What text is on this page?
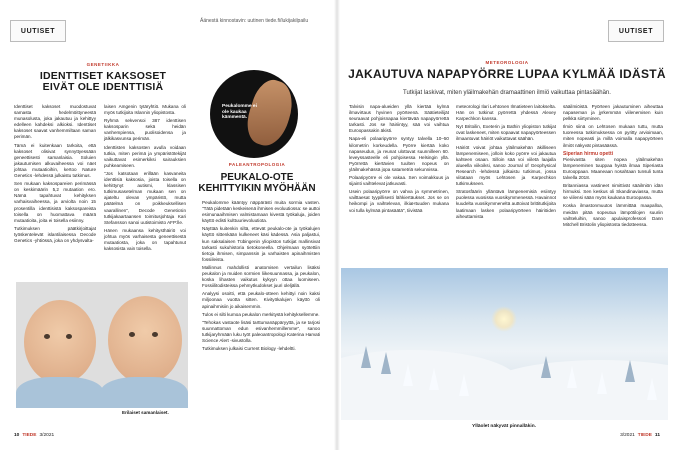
UUTISET
Äänestä kinnostavin: uutinen tiede.fi/lukijakilpailu
GENETIIKKA
IDENTTISET KAKSOSET
EIVÄT OLE IDENTTISIÄ

Identtiset kaksoset muodostuvat samasta hedelmöittyneestä munasolusta, joka jakautuu ja kehittyy edelleen kahdeksi alkioksi. Identtiset kaksoset saavat vanhemmiltaan saman perimän.

Tämä ei kuitenkaan tarkoita, että kaksoset olisivat synnyttyessään geneettisesti samanlaisia. Soluien jakautumisen alkuvaiheessa voi näet johtaa mutaatioihin, kertoo Nature Genetics -lehdessä julkaistu tutkimus.

Sen mukaan kaksospareien perimässä on keskimäärin 5,2 mutaation ero. Nämä tapahtuvat kehityksen varhaisvaiheessa, ja arviolta noin 15 prosentilla identtisistä kaksospareista toisella on huomattava määrä mutaatioita, joita ei toisella esiinny.

Tutkimuksen päätkirjoittajat työskentelevät islantilaisessa Decode Genetics -yhtiössä, joka on yhdysvalta-

laisen Amgenin tytäryhtiö. Mukana oli myös tutkijoita Islannin yliopistosta.

Ryhmä sekvensoi 387 identtisen kaksosparin sekä heidän vanhempiensa, puolisoidensa ja jälkikasvunsa perimän.

Identtisten kaksosten avulla voidaan tutkia, miten perimä ja ympäristötekijät vaikuttavat esimerkiksi sairauksien puhkeamiseen.

"Jos katsotaan erillään kasvaneita identtisiä kaksosia, joista toisella on kehittynyt autismi, klassisen tutkimusasetelman mukaan sen on ajateltu olevan ympäristö, mutta päätelmä on poikkeuksellisen vaarallinen", Decode Geneticsin tutkijakaartaansen toimitusjohtaja Kari Stefansson sanoi uutistoimisto AFP:lle.

Hänen mukaansa kehitysthäiriö voi johtua myös varhaisesta geneettisestä mutaatiosta, joka on tapahtunut kaksosista vain toisella.

Erilaiset samanlaiset.
Peukalomme ei ole kaukaa kämmentä.
PALEANTROPOLOGIA
PEUKALO-OTE
KEHITTYIKIN MYÖHÄÄN

Peukalomme kääntyy näppärästi muita sormia vasten. "Tätä pidetään keskeisenä ihmisen evoluutiossa: se auttoi esimunaaihmisen valmistamaan kivestä työkaluja, joiden käyttö edisti kulttuurievoluutiota.

Näyttää kuitenkin siltä, ettevät peukalo-ote ja työkalujen käyttö sittenkään kulkeneet käsi kädessä. Asia paljastui, kun saksalaisen Tübingenin yliopiston tutkijat mallinsivat tarkasti sukuhistoria tietokoneella. Ohjelmaan syötettiin tietoja ihmisen, simpanssin ja varhaisten apinaihmisten fossiileista.

Mallinnus mahdollisti anatomisen vertailun lisäksi peukalon ja muiden sormien liikesuunnassa, ja peukalon, koska lihasten vaikutus kykyyn ottaa luomiseen. Fossiilitodisteissa pehmytkudokset juuri oleljällä.

Analyysi osoitti, että peukalo-otteen kehittyi noin kaksi miljoonaa vuotta sitten. Kivityökalujen käyttö oli apinaihmisiin jo aikaisemmin.

Tulos ei silti kumoa peukalon merkitystä kehityksellemme.

"Tehokas vastaote lisäsi tarttumanäppäryyttä, ja se tarjosi suunnattoman edun esivanhemmillemme", sanoo tutkijaryhmään luku työt paleoantropologi Katerina Harvati Science Alert -sivustolla.

Tutkimuksen julkaisi Current Biology -lehdeltti.

10 TIEDE 3/2021
UUTISET
METEOROLOGIA
JAKAUTUVA NAPAPYÖRRE LUPAA KYLMÄÄ IDÄSTÄ
Tutkijat laskivat, miten yläilmakehän dramaattinen ilmiö vaikuttaa pintasäähän.

Talvisin napa-alueiden yllä kiertää kylmä ilmavirtaus hyvinen pyörteenä. Säätieteilijät seuraavat pohjoisnapaa kiertävää napapyörrettä tarkasti. Jos se häiriintyy, sää voi vaihtua Euroopassakin äkisti.

Napa-eli polaaripyörre syntyy talvella 10–50 kilometrin korkeudella. Pyörre kiertää koko napaseudun, ja reunat ulottuvat suunnilleen 60. leveyssasteelle eli pohjoisessa Helsingin yllä. Pyörrettä kiertävien tuulten nopeus on yläilmakehässä jopa satametriä sekunnissa.

Polaaripyörre ei ole vakaa. Sen voimakkuus ja sijainti vaihtelevat jatkuvasti.

Usein polaaripyörre on vahva ja symmetrinen, vailttaesat tyypillisesti lähkiertäukset. Jos se on heikompi ja vaihtelevan, ilkiaHtuuden mukana voi tulla kylmää pintasäätä", tiivistää

meteorologi Ilari Lehtonen Ilmatieteen laitokselta. Hän on tutkinut pyörrettä yhdessä Alexey Karpechkon kanssa.

Nyt Britoilin, Exeterin ja Bathin yliopiston tutkijat ovat laskeneet, miten sopaavat napapyörteessen ilmaantuvat häiriöt vaikuttavat säähän.

Häiriöt voivat johtaa yläilmakehän äkilliseen lämpenemiseen, jolloin koko pyörre voi jakautua kahteen osaan. Silloin sää voi viiletä laajalla alueella viikoiksi, sanoo Journal of Geophysical Research -lehdessä julkaistu tutkimus, jossa viitataan myös Lehtosen ja Karpechkon tutkimukseen.

Stratosfäärin ylläntävä lämpenemisiä esiintyy puolessa vuosissa vuosikymmenessä. Havainnot kuudelta vuosikymmeneltä auttoivat brittitutkijoita laatimaan lasken polaaripyörteen häiriöiden aiheuttamista

sääilmiöistä. Pyörteen jakautuminen aiheuttaa napaseman ja jyrkemmän viilenemisen kuin pelkkä siirtyminen.

Ilmiö siinä on Lehtosen mukaan tuttu, mutta tuoreessa tutkimuksessa on pyritty arvioimaan, miten nopeasti ja millä voimalla napapyörteen ilmiöt näkyvät pintasäässä.

Siperian hirmu opetti

Pienivastta siten nopea yläilmakehän lämpeneminen tuuppaa hyistä ilmaa Siperiasta Eurooppaan. Maaneaan nosahtaan tunsuli tunta talvella 2018.

Britanniassa vastineet nimittivät sääilmiön idän hirmuksi. Sen keskus oli Skandinaviassa, mutta se viilensi sään myös kaukana Euroopassa.

Koska ilmastonmuutos lämmittää maapalloa, meidän pitää sopeutua lämpötilojen suuriin vaihteluihin, sanoo apulaisprofessori Dann Mitchell Bristolin yliopistosta tiedotteessa.

Ylläolet näkyvät pinnalläkin.
3/2021 TIEDE 11
